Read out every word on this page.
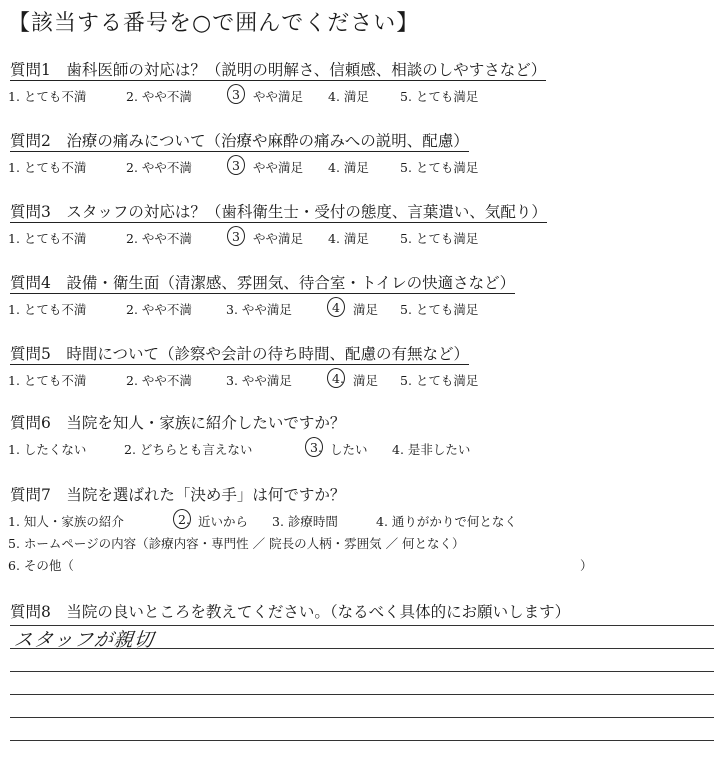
【該当する番号を○で囲んでください】
質問1　歯科医師の対応は？（説明の明解さ、信頼感、相談のしやすさなど）
1. とても不満	2. やや不満	3 やや満足 4. 満足 5. とても満足
質問2　治療の痛みについて（治療や麻酔の痛みへの説明、配慮）
1. とても不満	2. やや不満	3 やや満足 4. 満足 5. とても満足
質問3　スタッフの対応は？（歯科衛生士・受付の態度、言葉遣い、気配り）
1. とても不満	2. やや不満	3 やや満足 4. 満足 5. とても満足
質問4　設備・衛生面（清潔感、雰囲気、待合室・トイレの快適さなど）
1. とても不満	2. やや不満	3. やや満足	4 満足 5. とても満足
質問5　時間について（診察や会計の待ち時間、配慮の有無など）
1. とても不満	2. やや不満	3. やや満足	4. 満足 5. とても満足
質問6　当院を知人・家族に紹介したいですか？
1. したくない	2. どちらとも言えない	3. したい 4. 是非したい
質問7　当院を選ばれた「決め手」は何ですか？
1. 知人・家族の紹介	2. 近いから 3. 診療時間	4. 通りがかりで何となく
5. ホームページの内容（診療内容・専門性 ／ 院長の人柄・雰囲気 ／ 何となく）
6. その他（	）
質問8　当院の良いところを教えてください。（なるべく具体的にお願いします）
スタッフが親切
